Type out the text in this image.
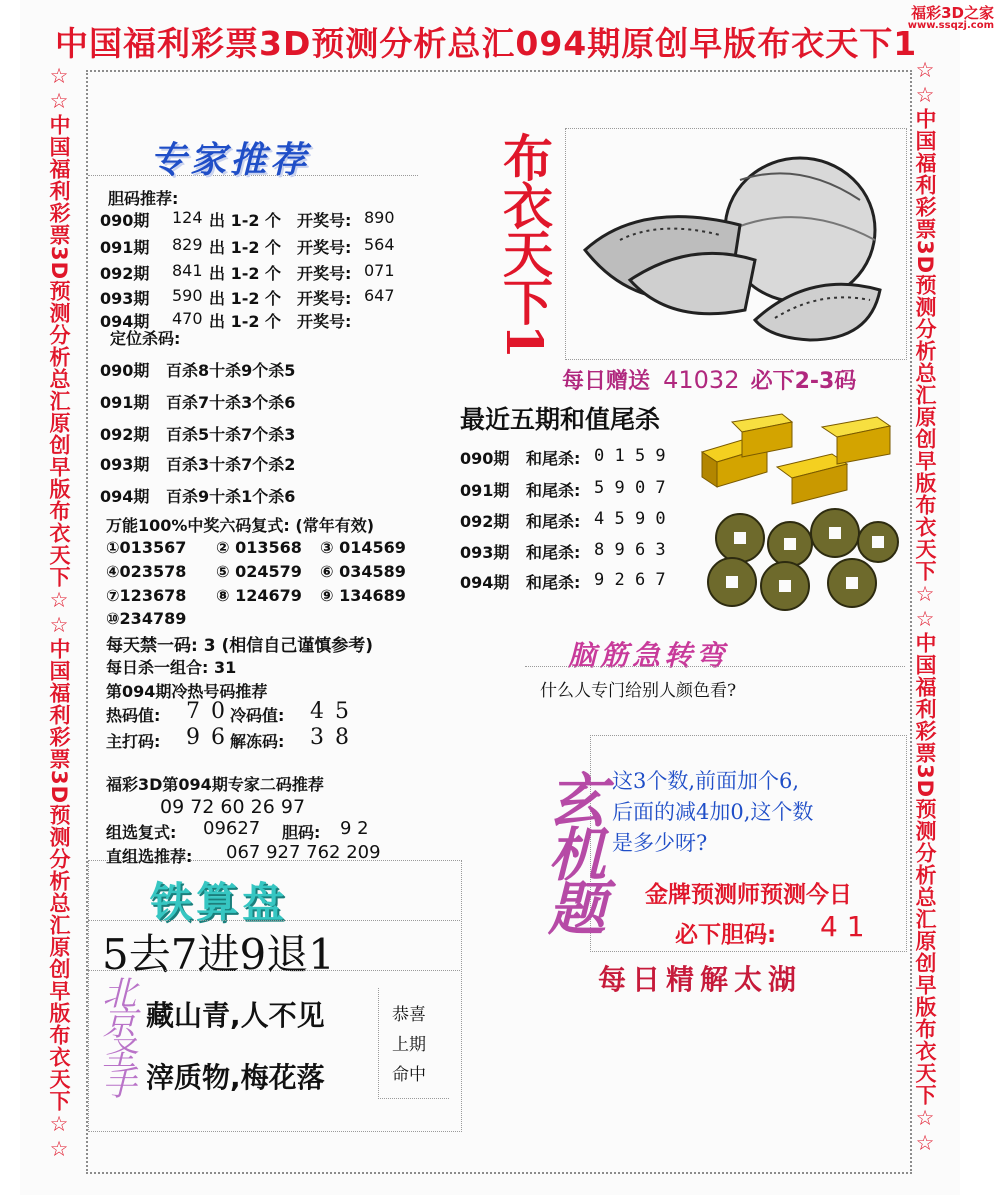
中国福利彩票3D预测分析总汇094期原创早版布衣天下1
福彩3D之家
www.ssqzj.com
☆☆中国福利彩票3D预测分析总汇原创早版布衣天下☆☆中国福利彩票3D预测分析总汇原创早版布衣天下☆☆	☆☆中国福利彩票3D预测分析总汇原创早版布衣天下☆☆中国福利彩票3D预测分析总汇原创早版布衣天下☆☆
专家推荐
胆码推荐:
090期 124 出 1-2 个 开奖号: 890
091期 829 出 1-2 个 开奖号: 564
092期 841 出 1-2 个 开奖号: 071
093期 590 出 1-2 个 开奖号: 647
094期 470 出 1-2 个 开奖号:
定位杀码:
090期 百杀8十杀9个杀5
091期 百杀7十杀3个杀6
092期 百杀5十杀7个杀3
093期 百杀3十杀7个杀2
094期 百杀9十杀1个杀6
万能100%中奖六码复式: (常年有效)
①013567 ② 013568 ③ 014569
④023578 ⑤ 024579 ⑥ 034589
⑦123678 ⑧ 124679 ⑨ 134689
⑩234789
每天禁一码: 3 (相信自己谨慎参考)
每日杀一组合: 31
第094期冷热号码推荐
热码值: 7 0 冷码值: 4 5
主打码: 9 6 解冻码: 3 8
福彩3D第094期专家二码推荐
09 72 60 26 97
组选复式: 09627 胆码: 9 2
直组选推荐: 067 927 762 209
布衣天下1
每日赠送 41032 必下2-3码
最近五期和值尾杀
090期 和尾杀: 0 1 5 9
091期 和尾杀: 5 9 0 7
092期 和尾杀: 4 5 9 0
093期 和尾杀: 8 9 6 3
094期 和尾杀: 9 2 6 7
脑筋急转弯
什么人专门给别人颜色看?
玄机题 这3个数,前面加个6,
后面的减4加0,这个数
是多少呀?
金牌预测师预测今日
必下胆码: 4 1
每日精解太湖
铁算盘
5去7进9退1
北京圣手 藏山青,人不见
滓质物,梅花落
恭喜
上期
命中
